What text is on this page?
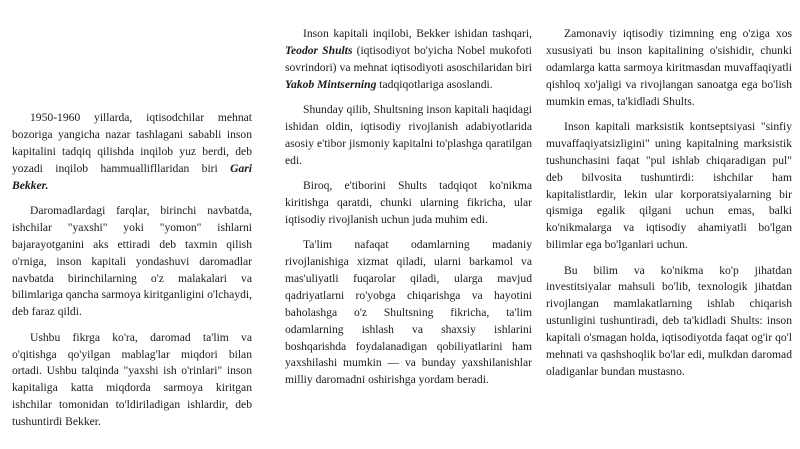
1950-1960 yillarda, iqtisodchilar mehnat bozoriga yangicha nazar tashlagani sababli inson kapitalini tadqiq qilishda inqilob yuz berdi, deb yozadi inqilob hammuallifllaridan biri Gari Bekker.

Daromadlardagi farqlar, birinchi navbatda, ishchilar "yaxshi" yoki "yomon" ishlarni bajarayotganini aks ettiradi deb taxmin qilish o'rniga, inson kapitali yondashuvi daromadlar navbatda birinchilarning o'z malakalari va bilimlariga qancha sarmoya kiritganligini o'lchaydi, deb faraz qildi.

Ushbu fikrga ko'ra, daromad ta'lim va o'qitishga qo'yilgan mablag'lar miqdori bilan ortadi. Ushbu talqinda "yaxshi ish o'rinlari" inson kapitaliga katta miqdorda sarmoya kiritgan ishchilar tomonidan to'ldiriladigan ishlardir, deb tushuntirdi Bekker.

Inson kapitali inqilobi, Bekker ishidan tashqari, Teodor Shults (iqtisodiyot bo'yicha Nobel mukofoti sovrindori) va mehnat iqtisodiyoti asoschilaridan biri Yakob Mintserning tadqiqotlariga asoslandi.

Shunday qilib, Shultsning inson kapitali haqidagi ishidan oldin, iqtisodiy rivojlanish adabiyotlarida asosiy e'tibor jismoniy kapitalni to'plashga qaratilgan edi.

Biroq, e'tiborini Shults tadqiqot ko'nikma kiritishga qaratdi, chunki ularning fikricha, ular iqtisodiy rivojlanish uchun juda muhim edi.

Ta'lim nafaqat odamlarning madaniy rivojlanishiga xizmat qiladi, ularni barkamol va mas'uliyatli fuqarolar qiladi, ularga mavjud qadriyatlarni ro'yobga chiqarishga va hayotini baholashga o'z Shultsning fikricha, ta'lim odamlarning ishlash va shaxsiy ishlarini boshqarishda foydalanadigan qobiliyatlarini ham yaxshilashi mumkin — va bunday yaxshilanishlar milliy daromadni oshirishga yordam beradi.

Zamonaviy iqtisodiy tizimning eng o'ziga xos xususiyati bu inson kapitalining o'sishidir, chunki odamlarga katta sarmoya kiritmasdan muvaffaqiyatli qishloq xo'jaligi va rivojlangan sanoatga ega bo'lish mumkin emas, ta'kidladi Shults.

Inson kapitali marksistik kontseptsiyasi "sinfiy muvaffaqiyatsizligini" uning kapitalning marksistik tushunchasini faqat "pul ishlab chiqaradigan pul" deb bilvosita tushuntirdi: ishchilar ham kapitalistlardir, lekin ular korporatsiyalarning bir qismiga egalik qilgani uchun emas, balki ko'nikmalarga va iqtisodiy ahamiyatli bo'lgan bilimlar ega bo'lganlari uchun.

Bu bilim va ko'nikma ko'p jihatdan investitsiyalar mahsuli bo'lib, texnologik jihatdan rivojlangan mamlakatlarning ishlab chiqarish ustunligini tushuntiradi, deb ta'kidladi Shults: inson kapitali o'smagan holda, iqtisodiyotda faqat og'ir qo'l mehnati va qashshoqlik bo'lar edi, mulkdan daromad oladiganlar bundan mustasno.
